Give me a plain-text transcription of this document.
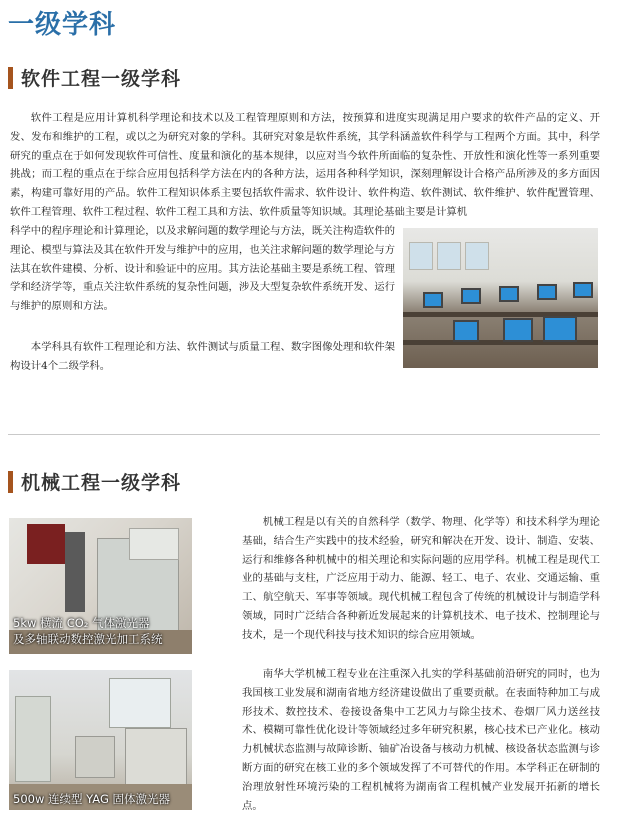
一级学科
软件工程一级学科

软件工程是应用计算机科学理论和技术以及工程管理原则和方法，按预算和进度实现满足用户要求的软件产品的定义、开发、发布和维护的工程，或以之为研究对象的学科。其研究对象是软件系统，其学科涵盖软件科学与工程两个方面。其中，科学研究的重点在于如何发现软件可信性、度量和演化的基本规律，以应对当今软件所面临的复杂性、开放性和演化性等一系列重要挑战；而工程的重点在于综合应用包括科学方法在内的各种方法，运用各种科学知识，深刻理解设计合格产品所涉及的多方面因素，构建可靠好用的产品。软件工程知识体系主要包括软件需求、软件设计、软件构造、软件测试、软件维护、软件配置管理、软件工程管理、软件工程过程、软件工程工具和方法、软件质量等知识域。其理论基础主要是计算机

科学中的程序理论和计算理论，以及求解问题的数学理论与方法，既关注构造软件的理论、模型与算法及其在软件开发与维护中的应用，也关注求解问题的数学理论与方法其在软件建模、分析、设计和验证中的应用。其方法论基础主要是系统工程、管理学和经济学等，重点关注软件系统的复杂性问题，涉及大型复杂软件系统开发、运行与维护的原则和方法。

本学科具有软件工程理论和方法、软件测试与质量工程、数字图像处理和软件架构设计4个二级学科。

机械工程一级学科

机械工程是以有关的自然科学（数学、物理、化学等）和技术科学为理论基础，结合生产实践中的技术经验，研究和解决在开发、设计、制造、安装、运行和维修各种机械中的相关理论和实际问题的应用学科。机械工程是现代工业的基础与支柱，广泛应用于动力、能源、轻工、电子、农业、交通运输、重工、航空航天、军事等领域。现代机械工程包含了传统的机械设计与制造学科领域，同时广泛结合各种新近发展起来的计算机技术、电子技术、控制理论与技术，是一个现代科技与技术知识的综合应用领域。

南华大学机械工程专业在注重深入扎实的学科基础前沿研究的同时，也为我国核工业发展和湖南省地方经济建设做出了重要贡献。在表面特种加工与成形技术、数控技术、卷接设备集中工艺风力与除尘技术、卷烟厂风力送丝技术、模糊可靠性优化设计等领域经过多年研究积累，核心技术已产业化。核动力机械状态监测与故障诊断、铀矿冶设备与核动力机械、核设备状态监测与诊断方面的研究在核工业的多个领域发挥了不可替代的作用。本学科正在研制的治理放射性环境污染的工程机械将为湖南省工程机械产业发展开拓新的增长点。

5kw 横流 CO₂ 气体激光器
及多轴联动数控激光加工系统
500w 连续型 YAG 固体激光器
